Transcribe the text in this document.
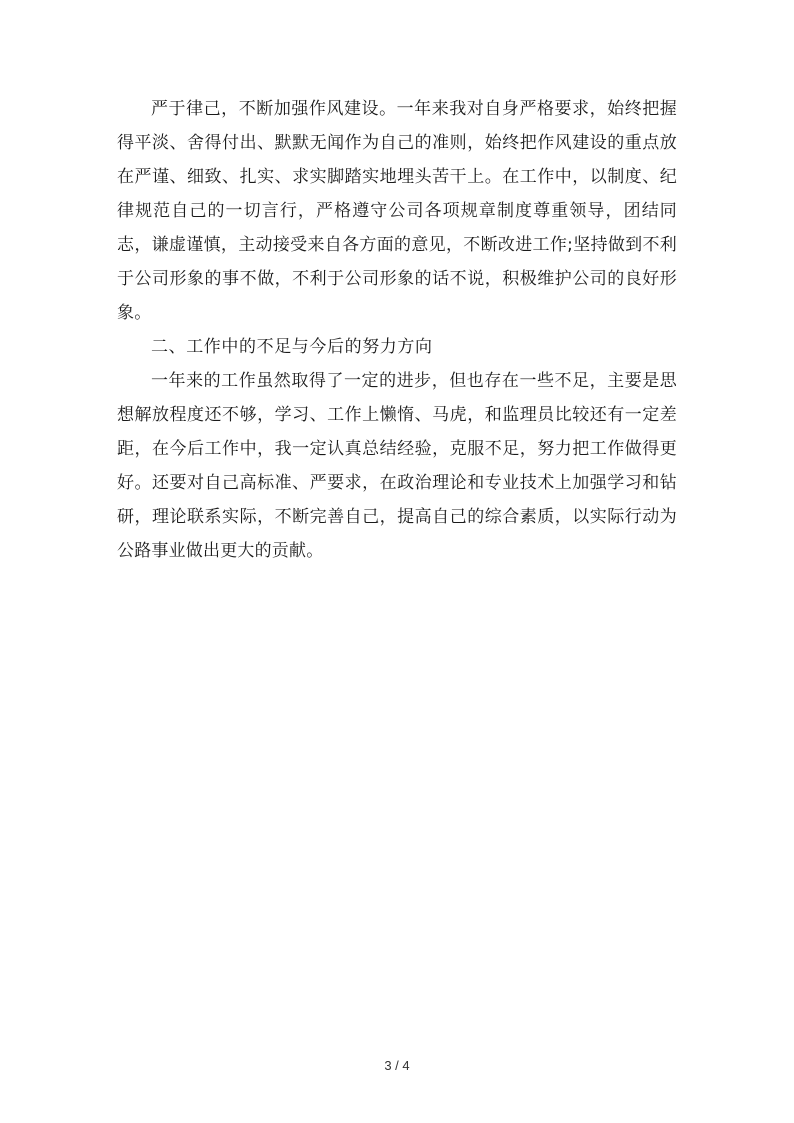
严于律己，不断加强作风建设。一年来我对自身严格要求，始终把握得平淡、舍得付出、默默无闻作为自己的准则，始终把作风建设的重点放在严谨、细致、扎实、求实脚踏实地埋头苦干上。在工作中，以制度、纪律规范自己的一切言行，严格遵守公司各项规章制度尊重领导，团结同志，谦虚谨慎，主动接受来自各方面的意见，不断改进工作;坚持做到不利于公司形象的事不做，不利于公司形象的话不说，积极维护公司的良好形象。

二、工作中的不足与今后的努力方向

一年来的工作虽然取得了一定的进步，但也存在一些不足，主要是思想解放程度还不够，学习、工作上懒惰、马虎，和监理员比较还有一定差距，在今后工作中，我一定认真总结经验，克服不足，努力把工作做得更好。还要对自己高标准、严要求，在政治理论和专业技术上加强学习和钻研，理论联系实际，不断完善自己，提高自己的综合素质，以实际行动为公路事业做出更大的贡献。

3 / 4
